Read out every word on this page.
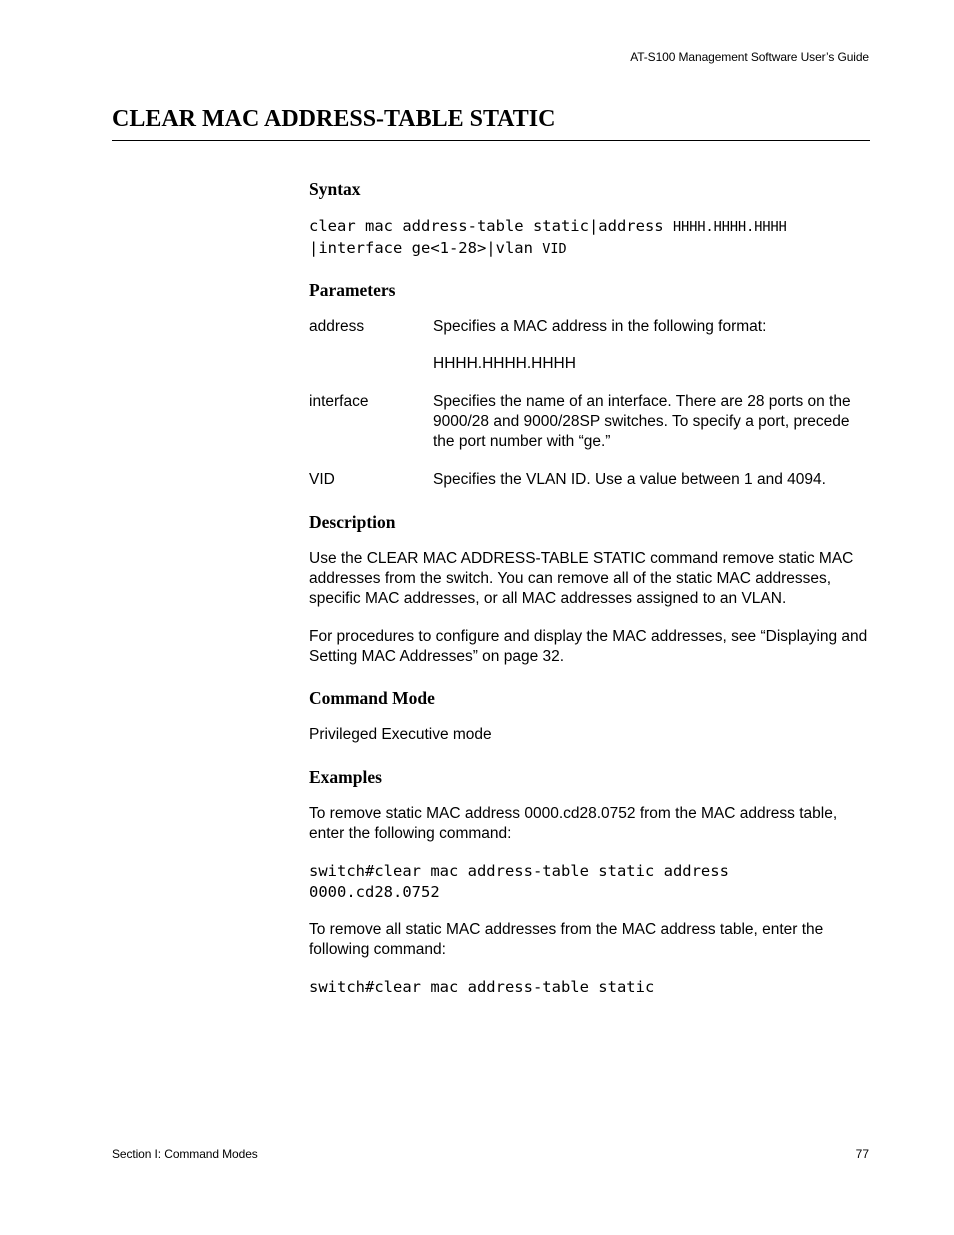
AT-S100 Management Software User’s Guide
CLEAR MAC ADDRESS-TABLE STATIC
Syntax
clear mac address-table static|address HHHH.HHHH.HHHH
|interface ge<1-28>|vlan VID
Parameters
address	Specifies a MAC address in the following format:
HHHH.HHHH.HHHH
interface	Specifies the name of an interface. There are 28 ports on the 9000/28 and 9000/28SP switches. To specify a port, precede the port number with “ge.”
VID	Specifies the VLAN ID. Use a value between 1 and 4094.
Description

Use the CLEAR MAC ADDRESS-TABLE STATIC command remove static MAC addresses from the switch. You can remove all of the static MAC addresses, specific MAC addresses, or all MAC addresses assigned to an VLAN.

For procedures to configure and display the MAC addresses, see “Displaying and Setting MAC Addresses” on page 32.

Command Mode

Privileged Executive mode

Examples

To remove static MAC address 0000.cd28.0752 from the MAC address table, enter the following command:

switch#clear mac address-table static address
0000.cd28.0752

To remove all static MAC addresses from the MAC address table, enter the following command:

switch#clear mac address-table static
Section I: Command Modes	77
